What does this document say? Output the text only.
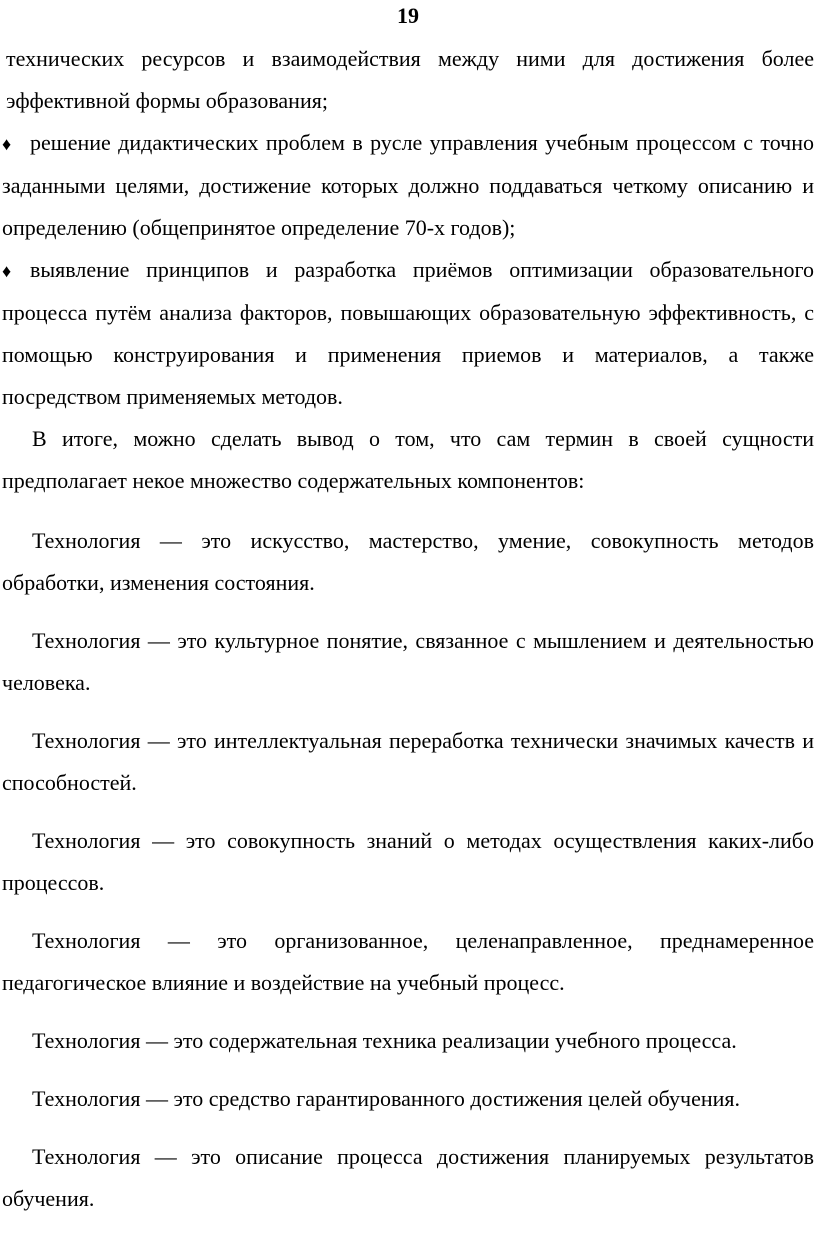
19

технических ресурсов и взаимодействия между ними для достижения более эффективной формы образования;

♦ решение дидактических проблем в русле управления учебным процессом с точно заданными целями, достижение которых должно поддаваться четкому описанию и определению (общепринятое определение 70-х годов);

♦ выявление принципов и разработка приёмов оптимизации образовательного процесса путём анализа факторов, повышающих образовательную эффективность, с помощью конструирования и применения приемов и материалов, а также посредством применяемых методов.

В итоге, можно сделать вывод о том, что сам термин в своей сущности предполагает некое множество содержательных компонентов:

Технология — это искусство, мастерство, умение, совокупность методов обработки, изменения состояния.

Технология — это культурное понятие, связанное с мышлением и деятельностью человека.

Технология — это интеллектуальная переработка технически значимых качеств и способностей.

Технология — это совокупность знаний о методах осуществления каких-либо процессов.

Технология — это организованное, целенаправленное, преднамеренное педагогическое влияние и воздействие на учебный процесс.

Технология — это содержательная техника реализации учебного процесса.

Технология — это средство гарантированного достижения целей обучения.

Технология — это описание процесса достижения планируемых результатов обучения.
